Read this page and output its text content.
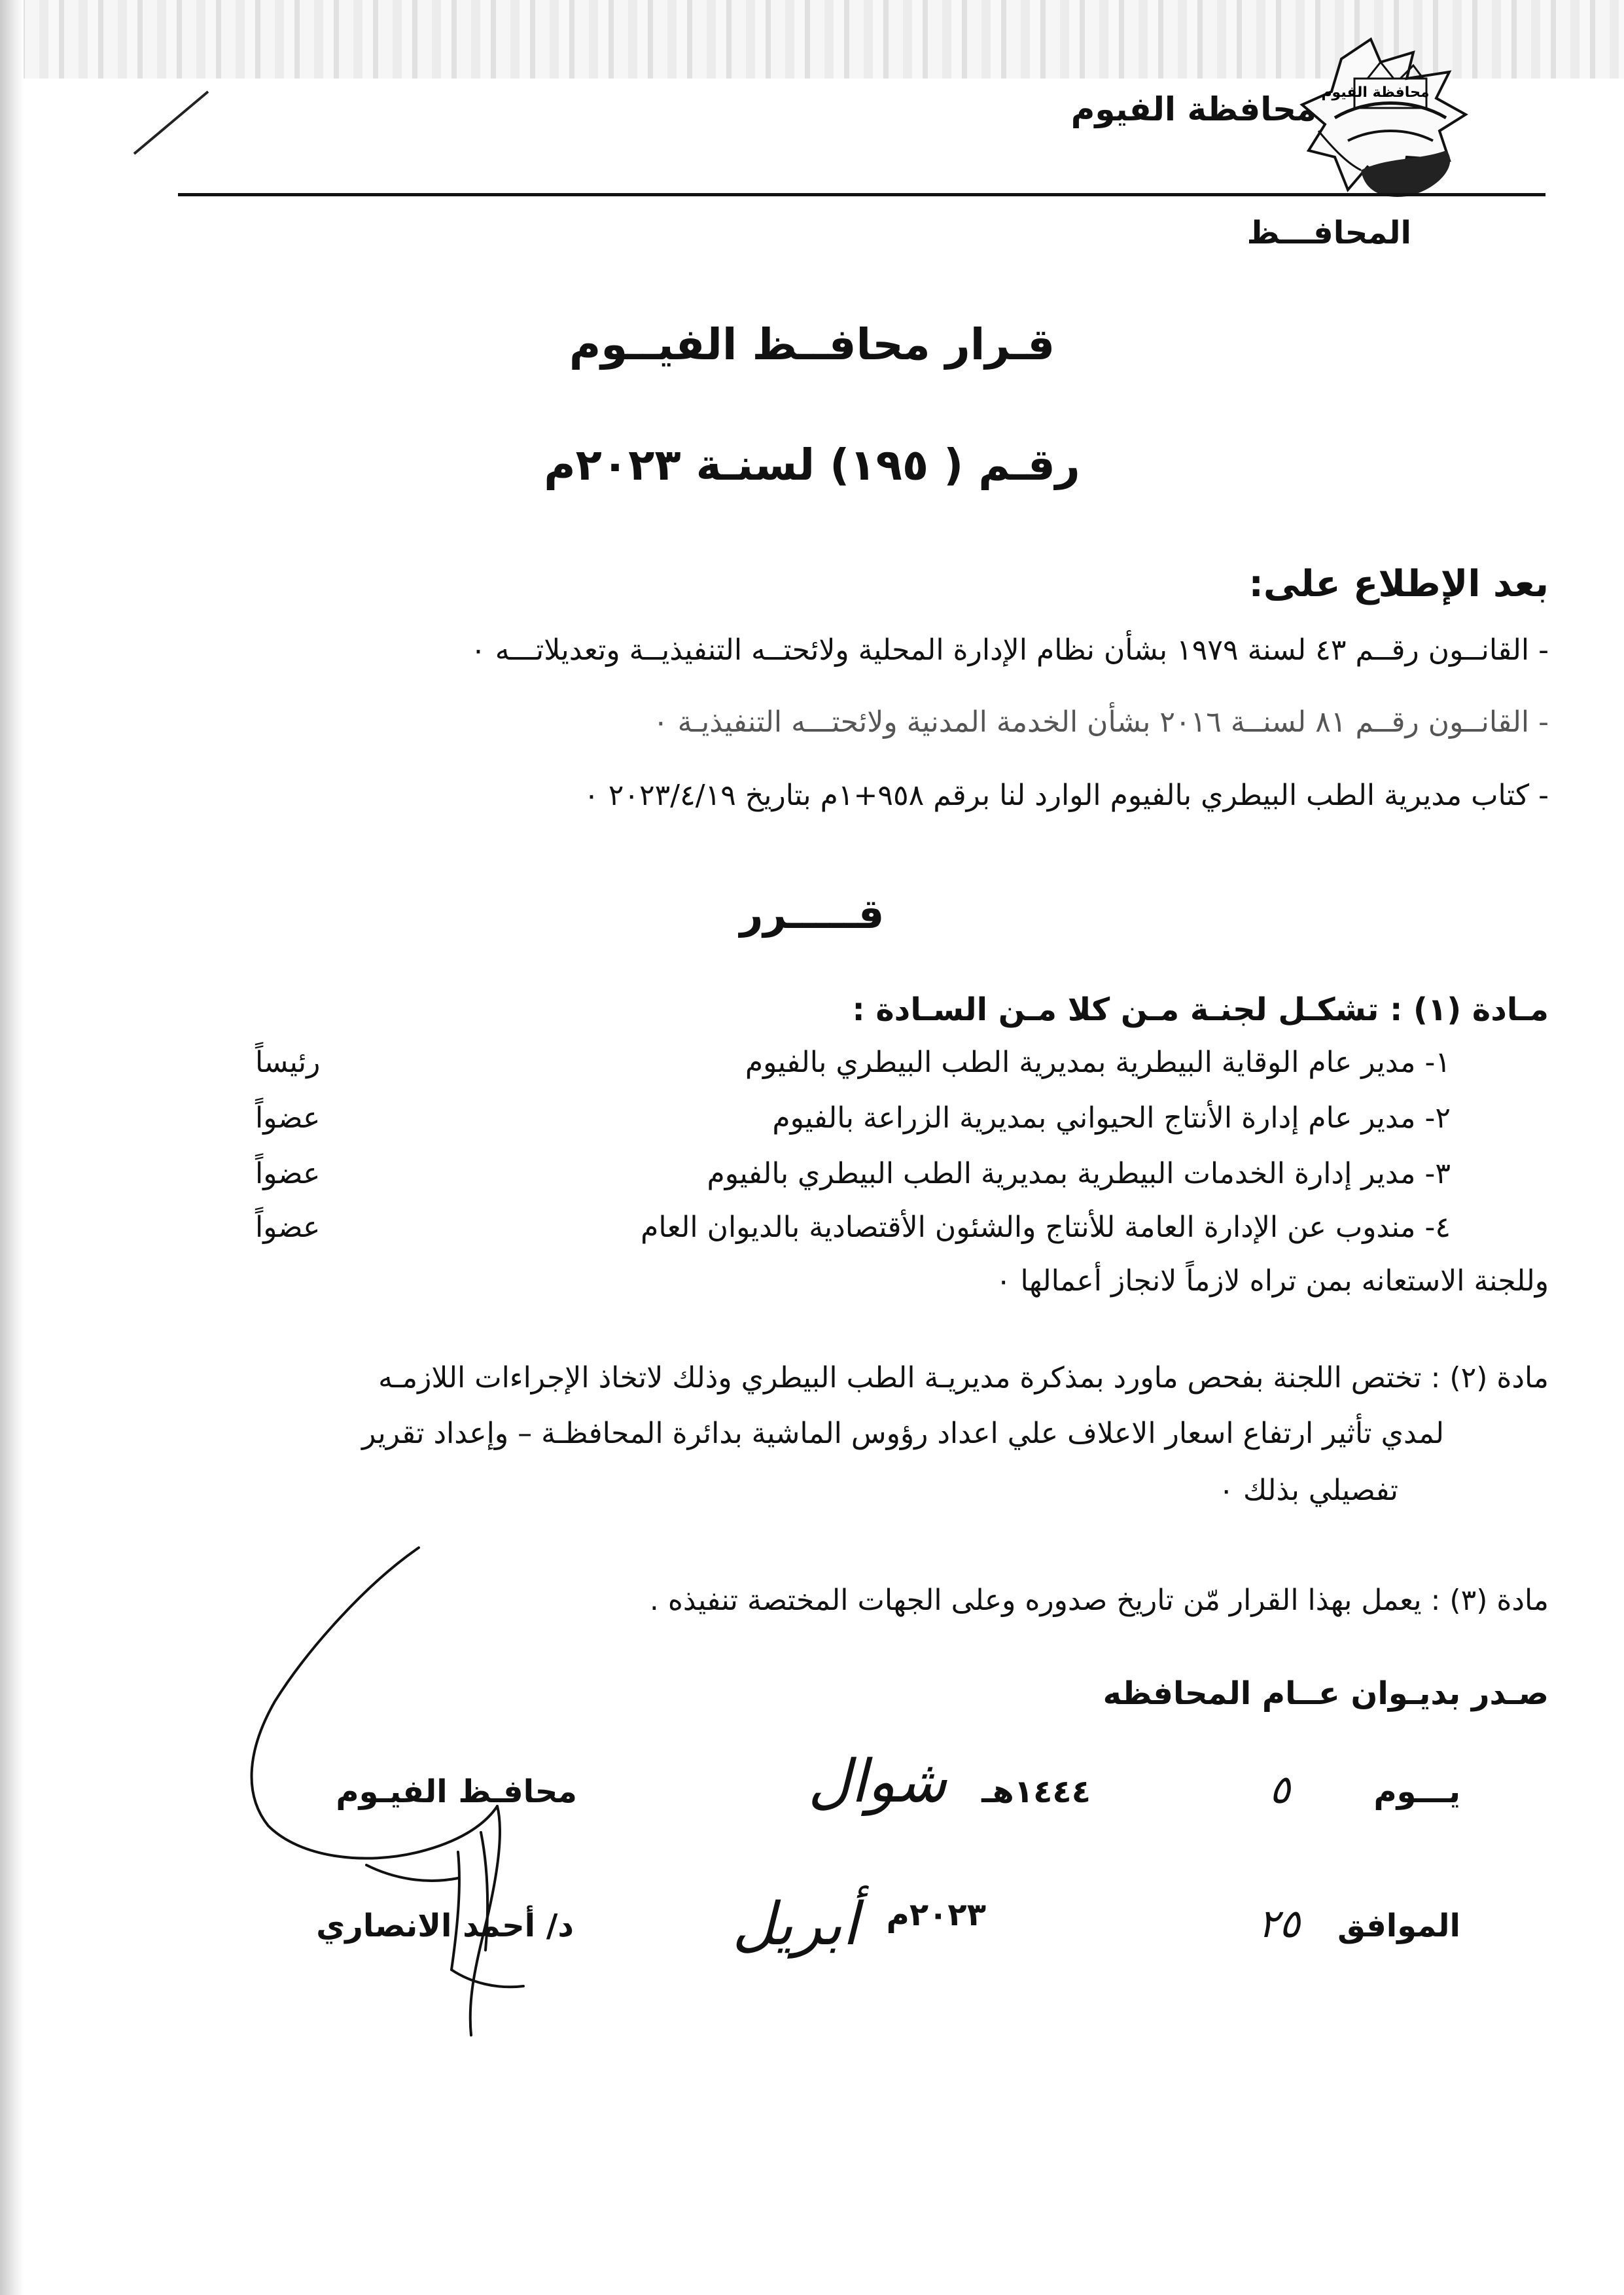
محافظة الفيوم
محافظة الفيوم
المحافـــظ
قـرار محافــظ الفيــوم
رقـم ( ١٩٥) لسنـة ٢٠٢٣م
بعد الإطلاع على:
- القانــون رقــم ٤٣ لسنة ١٩٧٩ بشأن نظام الإدارة المحلية ولائحتــه التنفيذيــة وتعديلاتـــه ٠
- القانــون رقــم ٨١ لسنــة ٢٠١٦ بشأن الخدمة المدنية ولائحتـــه التنفيذيـة ٠
- كتاب مديرية الطب البيطري بالفيوم الوارد لنا برقم ٩٥٨+١م بتاريخ ٢٠٢٣/٤/١٩ ٠
قـــــرر
مـادة (١) : تشكـل لجنـة مـن كلا مـن السـادة :
١- مدير عام الوقاية البيطرية بمديرية الطب البيطري بالفيوم
رئيساً
٢- مدير عام إدارة الأنتاج الحيواني بمديرية الزراعة بالفيوم
عضواً
٣- مدير إدارة الخدمات البيطرية بمديرية الطب البيطري بالفيوم
عضواً
٤- مندوب عن الإدارة العامة للأنتاج والشئون الأقتصادية بالديوان العام
عضواً
وللجنة الاستعانه بمن تراه لازماً لانجاز أعمالها ٠
مادة (٢) : تختص اللجنة بفحص ماورد بمذكرة مديريـة الطب البيطري وذلك لاتخاذ الإجراءات اللازمـه
لمدي تأثير ارتفاع اسعار الاعلاف علي اعداد رؤوس الماشية بدائرة المحافظـة – وإعداد تقرير
تفصيلي بذلك ٠
مادة (٣) : يعمل بهذا القرار مّن تاريخ صدوره وعلى الجهات المختصة تنفيذه .
صـدر بديـوان عــام المحافظه
يـــوم
٥
شوال ١٤٤٤هـ
الموافق
٢٥
أبريل ٢٠٢٣م
محافـظ الفيـوم
د/ أحمد الانصاري
